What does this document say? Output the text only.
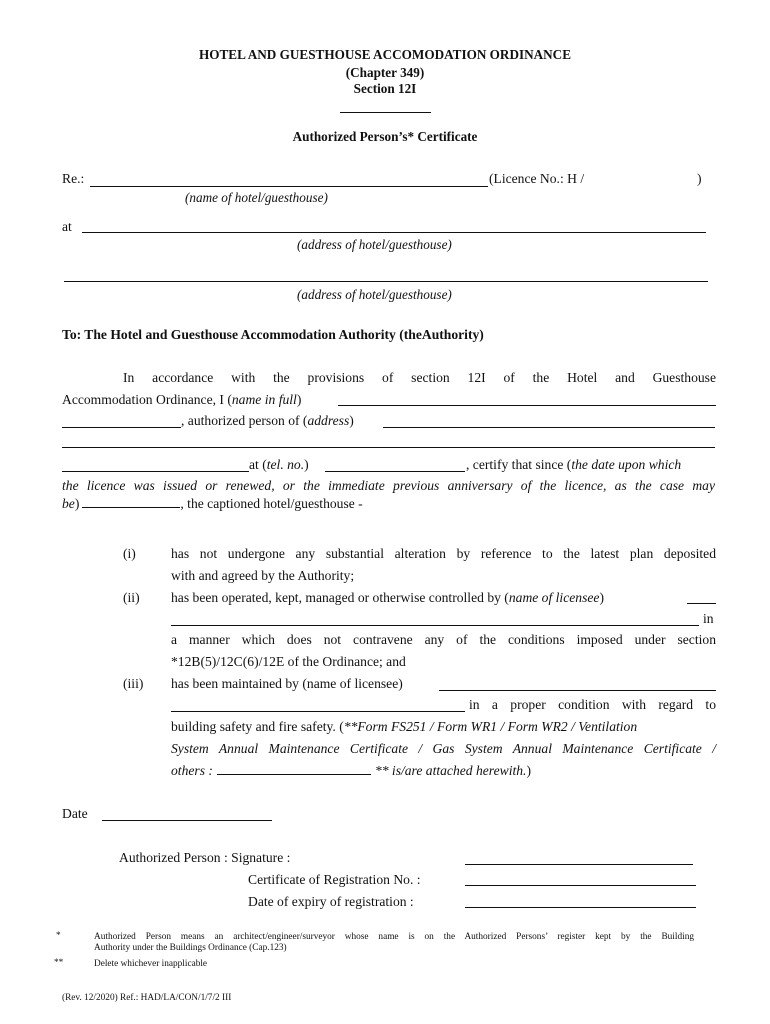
HOTEL AND GUESTHOUSE ACCOMODATION ORDINANCE
(Chapter 349)
Section 12I
Authorized Person’s* Certificate
Re.:	(Licence No.: H /	)
(name of hotel/guesthouse)
at
(address of hotel/guesthouse)
(address of hotel/guesthouse)
To: The Hotel and Guesthouse Accommodation Authority (theAuthority)
In accordance with the provisions of section 12I of the Hotel and Guesthouse
Accommodation Ordinance, I (name in full)
, authorized person of (address)
at (tel. no.)	, certify that since (the date upon which
the licence was issued or renewed, or the immediate previous anniversary of the licence, as the case may
be)	, the captioned hotel/guesthouse -
(i)	has not undergone any substantial alteration by reference to the latest plan deposited
with and agreed by the Authority;
(ii) has been operated, kept, managed or otherwise controlled by (name of licensee)
in
a manner which does not contravene any of the conditions imposed under section
*12B(5)/12C(6)/12E of the Ordinance; and
(iii) has been maintained by (name of licensee)
in a proper condition with regard to
building safety and fire safety. (**Form FS251 / Form WR1 / Form WR2 / Ventilation
System Annual Maintenance Certificate / Gas System Annual Maintenance Certificate /
others :	** is/are attached herewith.)
Date
Authorized Person : Signature :
Certificate of Registration No. :
Date of expiry of registration :
*	Authorized Person means an architect/engineer/surveyor whose name is on the Authorized Persons’ register kept by the Building
Authority under the Buildings Ordinance (Cap.123)
**	Delete whichever inapplicable
(Rev. 12/2020) Ref.: HAD/LA/CON/1/7/2 III
